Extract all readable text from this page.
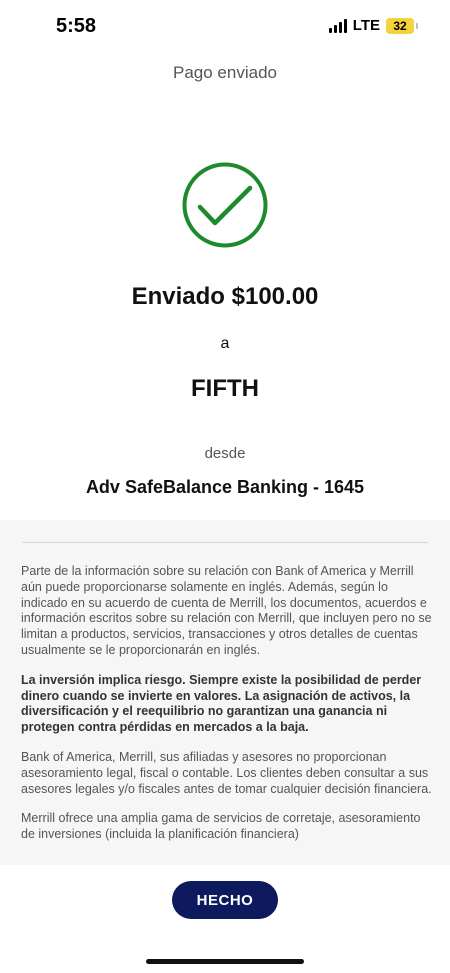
5:58	LTE 32
Pago enviado
Enviado $100.00
a
FIFTH
desde
Adv SafeBalance Banking - 1645

Parte de la información sobre su relación con Bank of America y Merrill aún puede proporcionarse solamente en inglés. Además, según lo indicado en su acuerdo de cuenta de Merrill, los documentos, acuerdos e información escritos sobre su relación con Merrill, que incluyen pero no se limitan a productos, servicios, transacciones y otros detalles de cuentas usualmente se le proporcionarán en inglés.

La inversión implica riesgo. Siempre existe la posibilidad de perder dinero cuando se invierte en valores. La asignación de activos, la diversificación y el reequilibrio no garantizan una ganancia ni protegen contra pérdidas en mercados a la baja.

Bank of America, Merrill, sus afiliadas y asesores no proporcionan asesoramiento legal, fiscal o contable. Los clientes deben consultar a sus asesores legales y/o fiscales antes de tomar cualquier decisión financiera.

Merrill ofrece una amplia gama de servicios de corretaje, asesoramiento de inversiones (incluida la planificación financiera)

HECHO
